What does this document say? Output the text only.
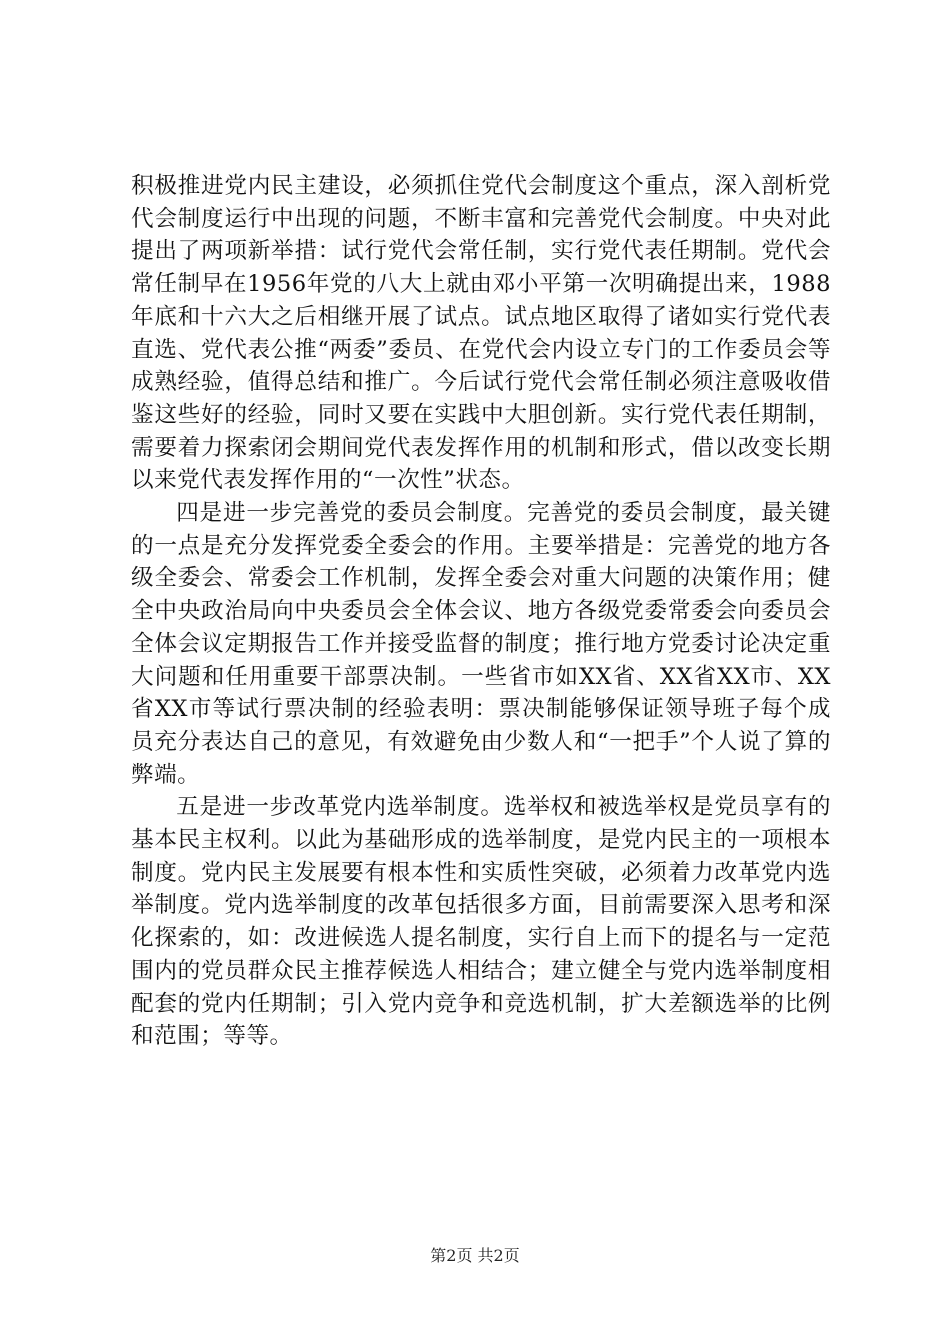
积极推进党内民主建设，必须抓住党代会制度这个重点，深入剖析党代会制度运行中出现的问题，不断丰富和完善党代会制度。中央对此提出了两项新举措：试行党代会常任制，实行党代表任期制。党代会常任制早在1956年党的八大上就由邓小平第一次明确提出来，1988年底和十六大之后相继开展了试点。试点地区取得了诸如实行党代表直选、党代表公推“两委”委员、在党代会内设立专门的工作委员会等成熟经验，值得总结和推广。今后试行党代会常任制必须注意吸收借鉴这些好的经验，同时又要在实践中大胆创新。实行党代表任期制，需要着力探索闭会期间党代表发挥作用的机制和形式，借以改变长期以来党代表发挥作用的“一次性”状态。

四是进一步完善党的委员会制度。完善党的委员会制度，最关键的一点是充分发挥党委全委会的作用。主要举措是：完善党的地方各级全委会、常委会工作机制，发挥全委会对重大问题的决策作用；健全中央政治局向中央委员会全体会议、地方各级党委常委会向委员会全体会议定期报告工作并接受监督的制度；推行地方党委讨论决定重大问题和任用重要干部票决制。一些省市如XX省、XX省XX市、XX省XX市等试行票决制的经验表明：票决制能够保证领导班子每个成员充分表达自己的意见，有效避免由少数人和“一把手”个人说了算的弊端。

五是进一步改革党内选举制度。选举权和被选举权是党员享有的基本民主权利。以此为基础形成的选举制度，是党内民主的一项根本制度。党内民主发展要有根本性和实质性突破，必须着力改革党内选举制度。党内选举制度的改革包括很多方面，目前需要深入思考和深化探索的，如：改进候选人提名制度，实行自上而下的提名与一定范围内的党员群众民主推荐候选人相结合；建立健全与党内选举制度相配套的党内任期制；引入党内竞争和竞选机制，扩大差额选举的比例和范围；等等。

第2页 共2页
